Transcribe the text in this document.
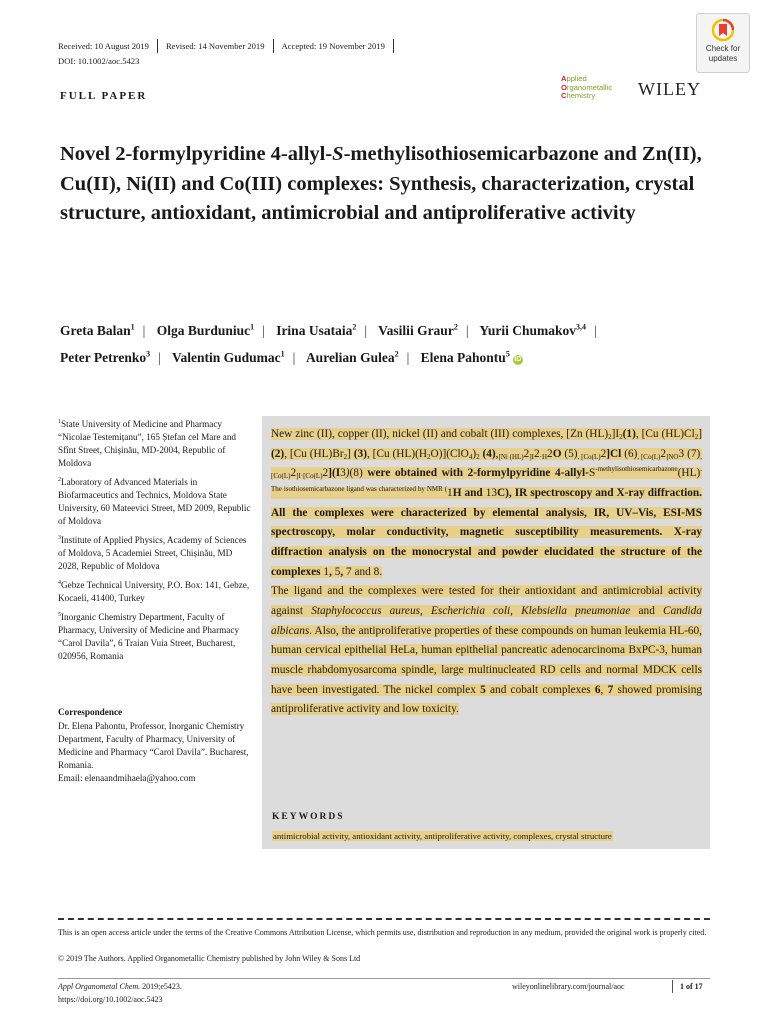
Received: 10 August 2019 Revised: 14 November 2019 Accepted: 19 November 2019
DOI: 10.1002/aoc.5423
Check for
updates
FULL PAPER
Applied
Organometallic
Chemistry	WILEY
Novel 2-formylpyridine 4-allyl-S-methylisothiosemicarbazone and Zn(II), Cu(II), Ni(II) and Co(III) complexes: Synthesis, characterization, crystal structure, antioxidant, antimicrobial and antiproliferative activity
Greta Balan$^1$ | Olga Burduniuc$^1$ | Irina Usataia$^2$ | Vasilii Graur$^2$ | Yurii Chumakov$^{3,4}$ | Peter Petrenko$^3$ | Valentin Gudumac$^1$ | Aurelian Gulea$^2$ | Elena Pahontu$^5$iD
$^1$State University of Medicine and Pharmacy “Nicolae Testemițanu”, 165 Ștefan cel Mare and Sfînt Street, Chișinău, MD-2004, Republic of Moldova
$^2$Laboratory of Advanced Materials in Biofarmaceutics and Technics, Moldova State University, 60 Mateevici Street, MD 2009, Republic of Moldova
$^3$Institute of Applied Physics, Academy of Sciences of Moldova, 5 Academiei Street, Chișinău, MD 2028, Republic of Moldova
$^4$Gebze Technical University, P.O. Box: 141, Gebze, Kocaeli, 41400, Turkey
$^5$Inorganic Chemistry Department, Faculty of Pharmacy, University of Medicine and Pharmacy “Carol Davila”, 6 Traian Vuia Street, Bucharest, 020956, Romania
Correspondence
Dr. Elena Pahontu, Professor, Inorganic Chemistry Department, Faculty of Pharmacy, University of Medicine and Pharmacy “Carol Davila”. Bucharest, Romania.
Email: elenaandmihaela@yahoo.com

New zinc (II), copper (II), nickel (II) and cobalt (III) complexes, [Zn $(HL)_2]I_2(1)$, [Cu $(HL)Cl_2$] (2), [Cu $(HL)Br_2$] (3), [Cu $(HL)(H_2O)](ClO_4)_2$ $(4),_{[Ni (HL)}2_{]I}2_{\cdot H}2O$ $(5)_{, [Co(L)}2]Cl$ $(6)_{, [Co(L)}2_{]NO}3$ $(7)_{, [Co(L)}2_{]I\cdot[Co(L)}2](I3)(8)$ were obtained with 2-formylpyridine $4-allyl-S^{-methylisothiosemicarbazone}(HL)^{. The isothiosemicarbazone ligand was characterized by NMR (}1H$ and 13C), IR spectroscopy and X-ray diffraction. All the complexes were characterized by elemental analysis, IR, UV–Vis, ESI-MS spectroscopy, molar conductivity, magnetic susceptibility measurements. X-ray diffraction analysis on the monocrystal and powder elucidated the structure of the complexes 1, 5, 7 and 8.

The ligand and the complexes were tested for their antioxidant and antimicrobial activity against Staphylococcus aureus, Escherichia coli, Klebsiella pneumoniae and Candida albicans. Also, the antiproliferative properties of these compounds on human leukemia HL-60, human cervical epithelial HeLa, human epithelial pancreatic adenocarcinoma BxPC-3, human muscle rhabdomyosarcoma spindle, large multinucleated RD cells and normal MDCK cells have been investigated. The nickel complex 5 and cobalt complexes 6, 7 showed promising antiproliferative activity and low toxicity.

KEYWORDS
antimicrobial activity, antioxidant activity, antiproliferative activity, complexes, crystal structure
This is an open access article under the terms of the Creative Commons Attribution License, which permits use, distribution and reproduction in any medium, provided the original work is properly cited.
© 2019 The Authors. Applied Organometallic Chemistry published by John Wiley & Sons Ltd
Appl Organometal Chem. 2019;e5423.
https://doi.org/10.1002/aoc.5423
wileyonlinelibrary.com/journal/aoc	1 of 17
